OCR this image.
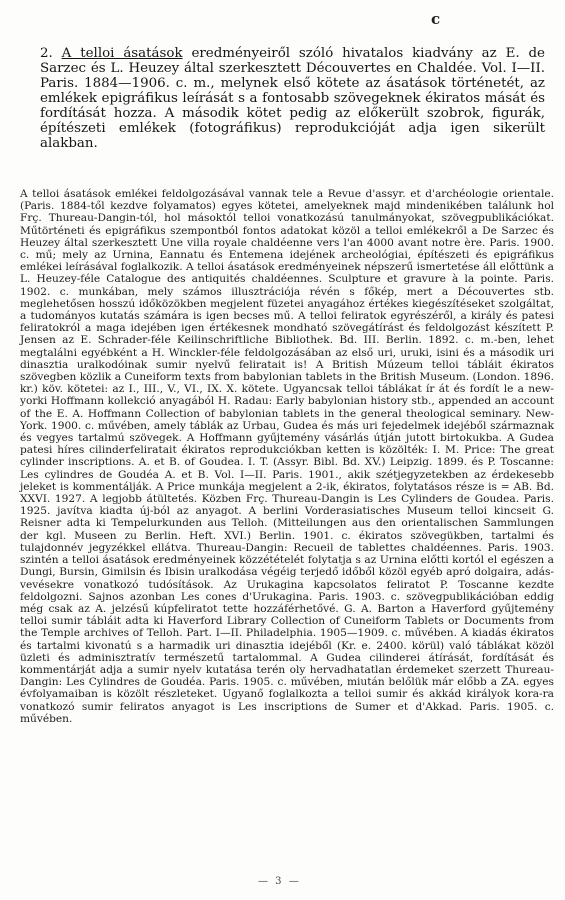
c
2. A telloi ásatások eredményeiről szóló hivatalos kiadvány az E. de Sarzec és L. Heuzey által szerkesztett Découvertes en Chaldée. Vol. I—II. Paris. 1884—1906. c. m., melynek első kötete az ásatások történetét, az emlékek epigráfikus leírását s a fontosabb szövegeknek ékiratos mását és fordítását hozza. A második kötet pedig az előkerült szobrok, figurák, építészeti emlékek (fotográfikus) reprodukcióját adja igen sikerült alakban.
A telloi ásatások emlékei feldolgozásával vannak tele a Revue d'assyr. et d'archéologie orientale. (Paris. 1884-től kezdve folyamatos) egyes kötetei, amelyeknek majd mindenikében találunk hol Frç. Thureau-Dangin-tól, hol másoktól telloi vonatkozású tanulmányokat, szövegpublikációkat. Műtörténeti és epigráfikus szempontból fontos adatokat közöl a telloi emlékekről a De Sarzec és Heuzey által szerkesztett Une villa royale chaldéenne vers l'an 4000 avant notre ère. Paris. 1900. c. mű; mely az Urnina, Eannatu és Entemena idejének archeológiai, építészeti és epigráfikus emlékei leírásával foglalkozik. A telloi ásatások eredményeinek népszerű ismertetése áll előttünk a L. Heuzey-féle Catalogue des antiquités chaldéennes. Sculpture et gravure à la pointe. Paris. 1902. c. munkában, mely számos illusztrációja révén s főkép, mert a Découvertes stb. meglehetősen hosszú időközökben megjelent füzetei anyagához értékes kiegészítéseket szolgáltat, a tudományos kutatás számára is igen becses mű. A telloi feliratok egyrészéről, a király és patesi feliratokról a maga idejében igen értékesnek mondható szövegátírást és feldolgozást készített P. Jensen az E. Schrader-féle Keilinschriftliche Bibliothek. Bd. III. Berlin. 1892. c. m.-ben, lehet megtalálni egyébként a H. Winckler-féle feldolgozásában az első uri, uruki, isini és a második uri dinasztia uralkodóinak sumir nyelvű feliratait is! A British Múzeum telloi tábláit ékiratos szövegben közlik a Cuneiform texts from babylonian tablets in the British Museum. (London. 1896. kr.) köv. kötetei: az I., III., V., VI., IX. X. kötete. Ugyancsak telloi táblákat ír át és fordít le a new-yorki Hoffmann kollekció anyagából H. Radau: Early babylonian history stb., appended an account of the E. A. Hoffmann Collection of babylonian tablets in the general theological seminary. New-York. 1900. c. művében, amely táblák az Urbau, Gudea és más uri fejedelmek idejéből származnak és vegyes tartalmú szövegek. A Hoffmann gyűjtemény vásárlás útján jutott birtokukba. A Gudea patesi híres cilinderfeliratait ékiratos reprodukciókban ketten is közölték: I. M. Price: The great cylinder inscriptions. A. et B. of Goudea. I. T. (Assyr. Bibl. Bd. XV.) Leipzig. 1899. és P. Toscanne: Les cylindres de Goudéa A. et B. Vol. I—II. Paris. 1901., akik szétjegyzetekben az érdekesebb jeleket is kommentálják. A Price munkája megjelent a 2-ik, ékiratos, folytatásos része is = AB. Bd. XXVI. 1927. A legjobb átültetés. Közben Frç. Thureau-Dangin is Les Cylinders de Goudea. Paris. 1925. javítva kiadta új-ból az anyagot. A berlini Vorderasiatisches Museum telloi kincseit G. Reisner adta ki Tempelurkunden aus Telloh. (Mitteilungen aus den orientalischen Sammlungen der kgl. Museen zu Berlin. Heft. XVI.) Berlin. 1901. c. ékiratos szövegükben, tartalmi és tulajdonnév jegyzékkel ellátva. Thureau-Dangin: Recueil de tablettes chaldéennes. Paris. 1903. szintén a telloi ásatások eredményeinek közzétételét folytatja s az Urnina előtti kortól el egészen a Dungi, Bursin, Gimilsin és Ibisin uralkodása végéig terjedő időből közöl egyéb apró dolgaira, adás-vevésekre vonatkozó tudósítások. Az Urukagina kapcsolatos feliratot P. Toscanne kezdte feldolgozni. Sajnos azonban Les cones d'Urukagina. Paris. 1903. c. szövegpublikációban eddig még csak az A. jelzésű kúpfeliratot tette hozzáférhetővé. G. A. Barton a Haverford gyűjtemény telloi sumir tábláit adta ki Haverford Library Collection of Cuneiform Tablets or Documents from the Temple archives of Telloh. Part. I—II. Philadelphia. 1905—1909. c. művében. A kiadás ékiratos és tartalmi kivonatú s a harmadik uri dinasztia idejéből (Kr. e. 2400. körül) való táblákat közöl üzleti és adminisztratív természetű tartalommal. A Gudea cilinderei átírását, fordítását és kommentárját adja a sumir nyelv kutatása terén oly hervadhatatlan érdemeket szerzett Thureau-Dangin: Les Cylindres de Goudéa. Paris. 1905. c. művében, miután belőlük már előbb a ZA. egyes évfolyamaiban is közölt részleteket. Ugyanő foglalkozta a telloi sumir és akkád királyok kora-ra vonatkozó sumir feliratos anyagot is Les inscriptions de Sumer et d'Akkad. Paris. 1905. c. művében.
— 3 —
